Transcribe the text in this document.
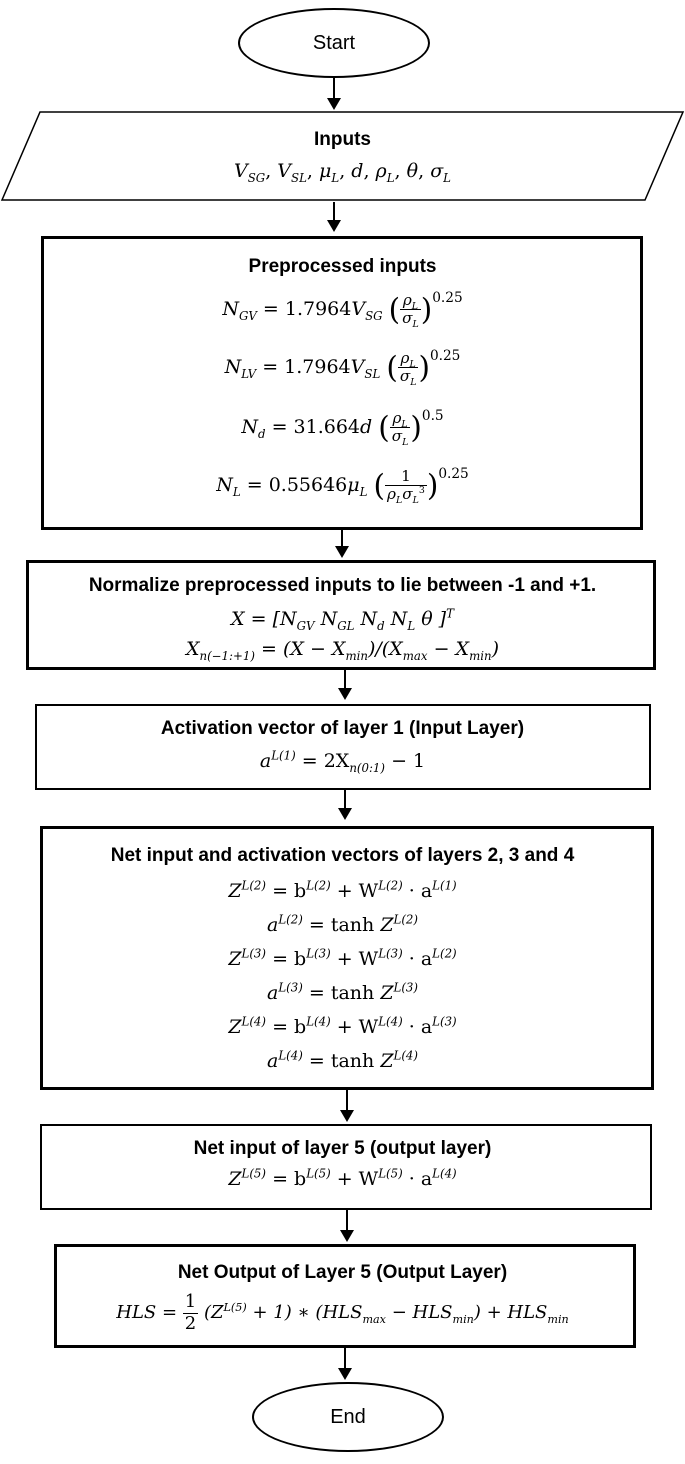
Start
Inputs
$V_{SG}$, $V_{SL}$, $\mu_L$, d, $\rho_L$, θ, $\sigma_L$
Preprocessed inputs
$N_{GV} = 1.7964V_{SG}$ ( $\frac{\rho_L}{\sigma_L} )^{0.25}$
$N_{LV} = 1.7964V_{SL}$ ( $\frac{\rho_L}{\sigma_L} )^{0.25}$
$N_d = 31.664d$ ( $\frac{\rho_L}{\sigma_L} )^{0.5}$
$N_L = 0.55646\mu_L$ ( $\frac{1}{\rho_L\sigma_L^3} )^{0.25}$
Normalize preprocessed inputs to lie between -1 and +1.
$X = [N_{GV}$ $N_{GL}$ $N_d$ $N_L$ θ ]$^T$
$X_{n(-1:+1)} = (X - X_{min})/(X_{max} - X_{min})$
Activation vector of layer 1 (Input Layer)
$a^{L(1)} = 2X_{n(0:1)} - 1$
Net input and activation vectors of layers 2, 3 and 4
$Z^{L(2)} = b^{L(2)} + W^{L(2)} \cdot a^{L(1)}$
$a^{L(2)} = \tanh Z^{L(2)}$
$Z^{L(3)} = b^{L(3)} + W^{L(3)} \cdot a^{L(2)}$
$a^{L(3)} = \tanh Z^{L(3)}$
$Z^{L(4)} = b^{L(4)} + W^{L(4)} \cdot a^{L(3)}$
$a^{L(4)} = \tanh Z^{L(4)}$
Net input of layer 5 (output layer)
$Z^{L(5)} = b^{L(5)} + W^{L(5)} \cdot a^{L(4)}$
Net Output of Layer 5 (Output Layer)
HLS = $\frac{1}{2} (Z^{L(5)} + 1)$ ∗ $(HLS_{max} - HLS_{min}) + HLS_{min}$
End
